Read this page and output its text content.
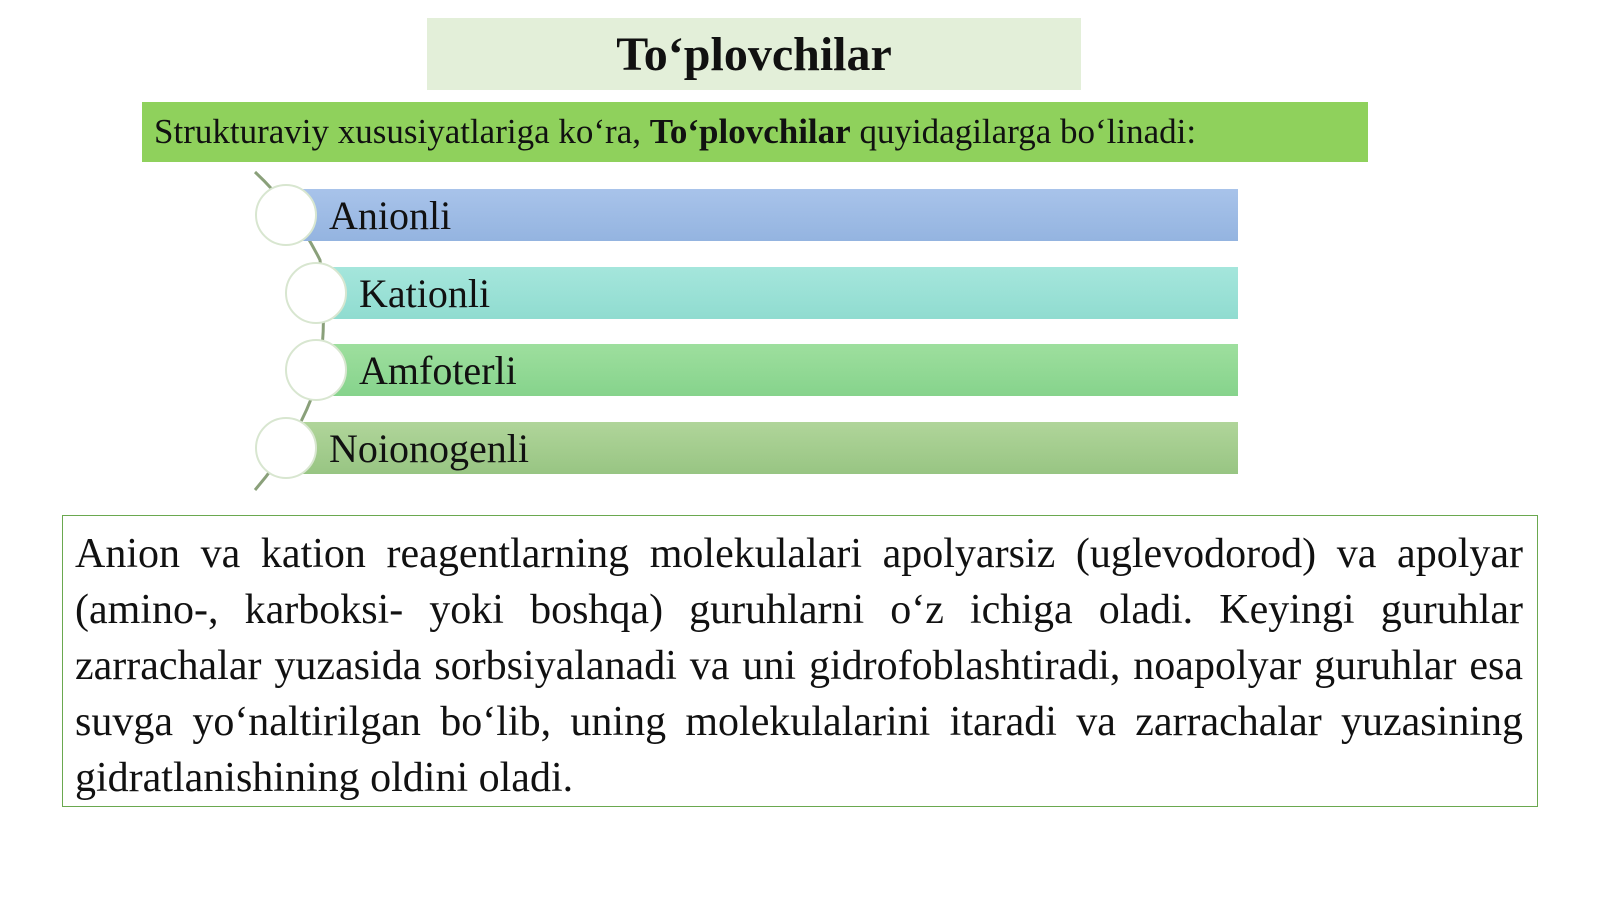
To‘plovchilar
Strukturaviy xususiyatlariga ko‘ra, To‘plovchilar quyidagilarga bo‘linadi:
Anionli
Kationli
Amfoterli
Noionogenli
Anion va kation reagentlarning molekulalari apolyarsiz (uglevodorod) va apolyar (amino-, karboksi- yoki boshqa) guruhlarni o‘z ichiga oladi. Keyingi guruhlar zarrachalar yuzasida sorbsiyalanadi va uni gidrofoblashtiradi, noapolyar guruhlar esa suvga yo‘naltirilgan bo‘lib, uning molekulalarini itaradi va zarrachalar yuzasining gidratlanishining oldini oladi.
